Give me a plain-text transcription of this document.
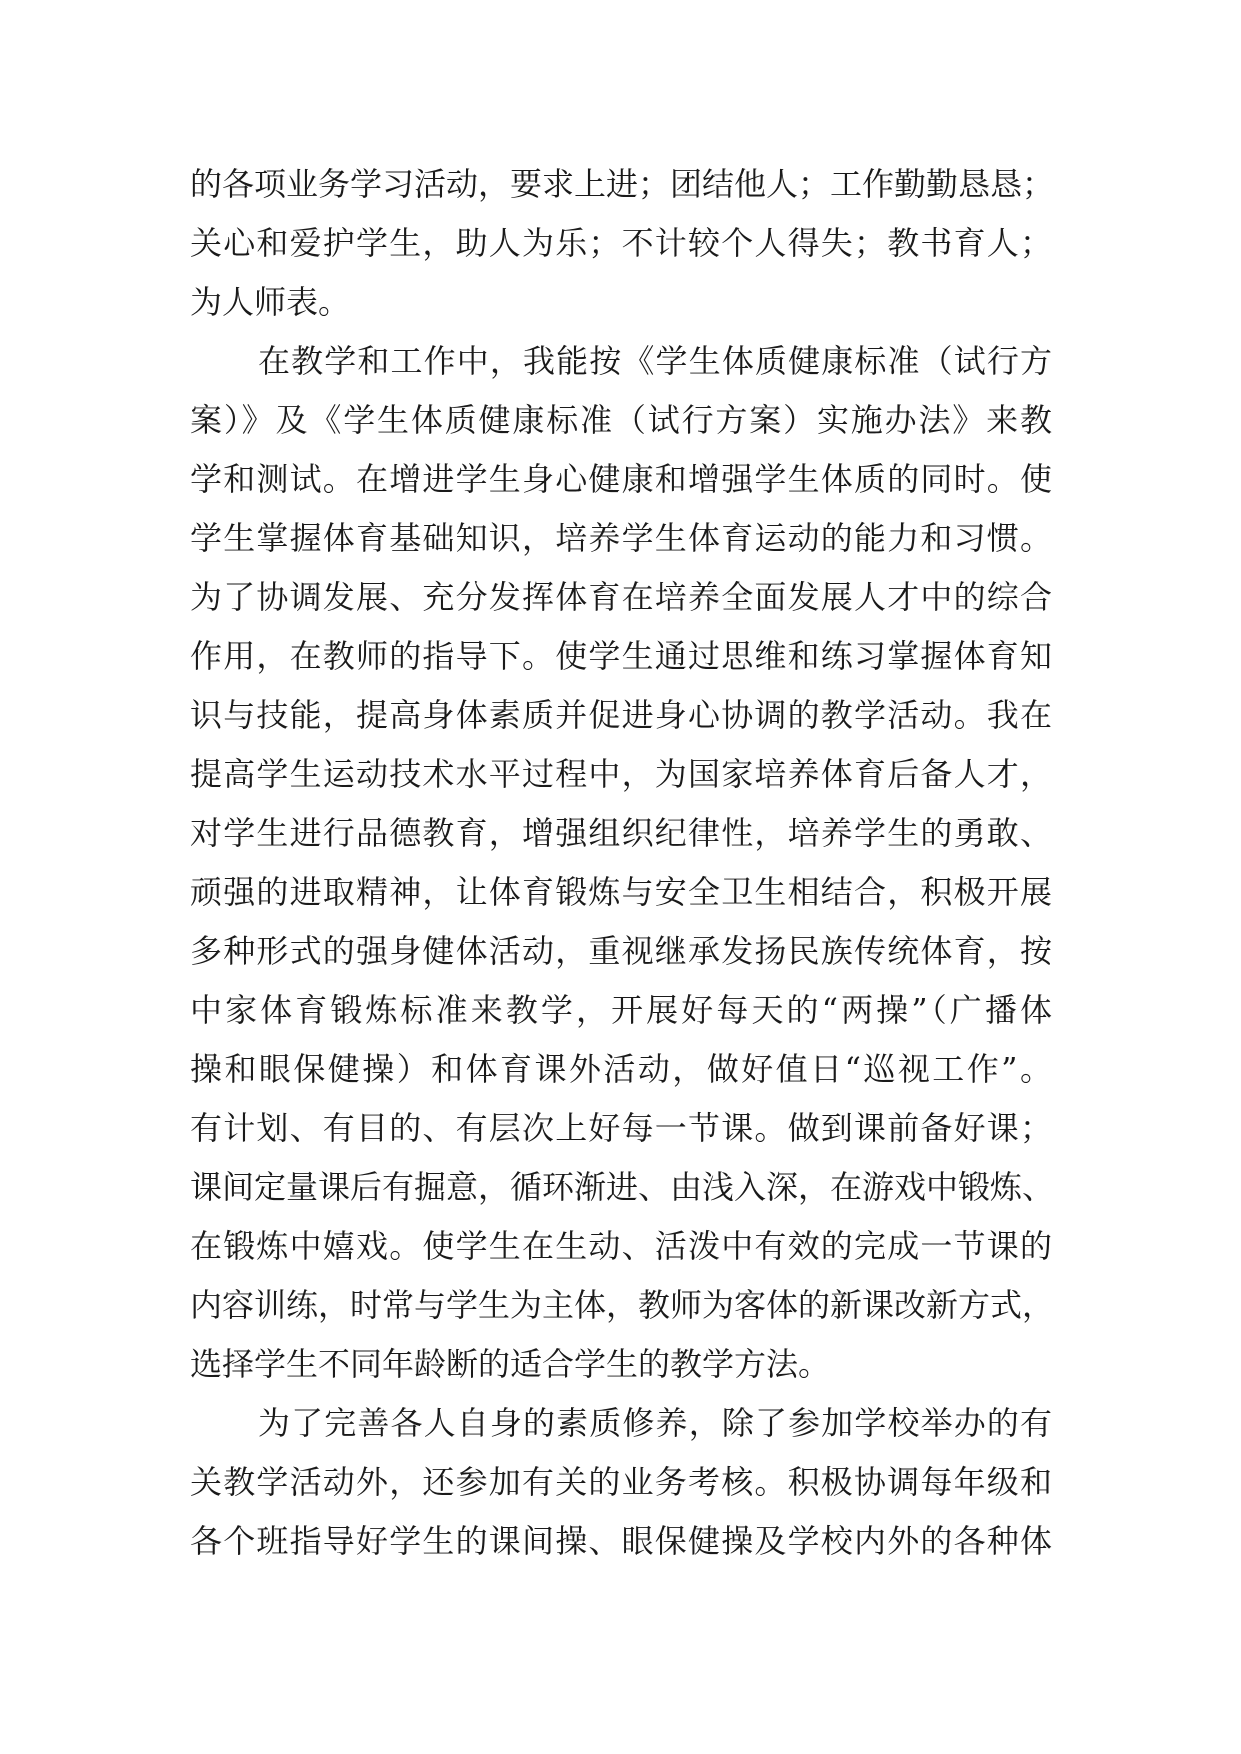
的各项业务学习活动，要求上进；团结他人；工作勤勤恳恳；
关心和爱护学生，助人为乐；不计较个人得失；教书育人；
为人师表。
在教学和工作中，我能按《学生体质健康标准（试行方
案）》及《学生体质健康标准（试行方案）实施办法》来教
学和测试。在增进学生身心健康和增强学生体质的同时。使
学生掌握体育基础知识，培养学生体育运动的能力和习惯。
为了协调发展、充分发挥体育在培养全面发展人才中的综合
作用，在教师的指导下。使学生通过思维和练习掌握体育知
识与技能，提高身体素质并促进身心协调的教学活动。我在
提高学生运动技术水平过程中，为国家培养体育后备人才，
对学生进行品德教育，增强组织纪律性，培养学生的勇敢、
顽强的进取精神，让体育锻炼与安全卫生相结合，积极开展
多种形式的强身健体活动，重视继承发扬民族传统体育，按
中家体育锻炼标准来教学，开展好每天的“两操”（广播体
操和眼保健操）和体育课外活动，做好值日“巡视工作”。
有计划、有目的、有层次上好每一节课。做到课前备好课；
课间定量课后有掘意，循环渐进、由浅入深，在游戏中锻炼、
在锻炼中嬉戏。使学生在生动、活泼中有效的完成一节课的
内容训练，时常与学生为主体，教师为客体的新课改新方式，
选择学生不同年龄断的适合学生的教学方法。
为了完善各人自身的素质修养，除了参加学校举办的有
关教学活动外，还参加有关的业务考核。积极协调每年级和
各个班指导好学生的课间操、眼保健操及学校内外的各种体
